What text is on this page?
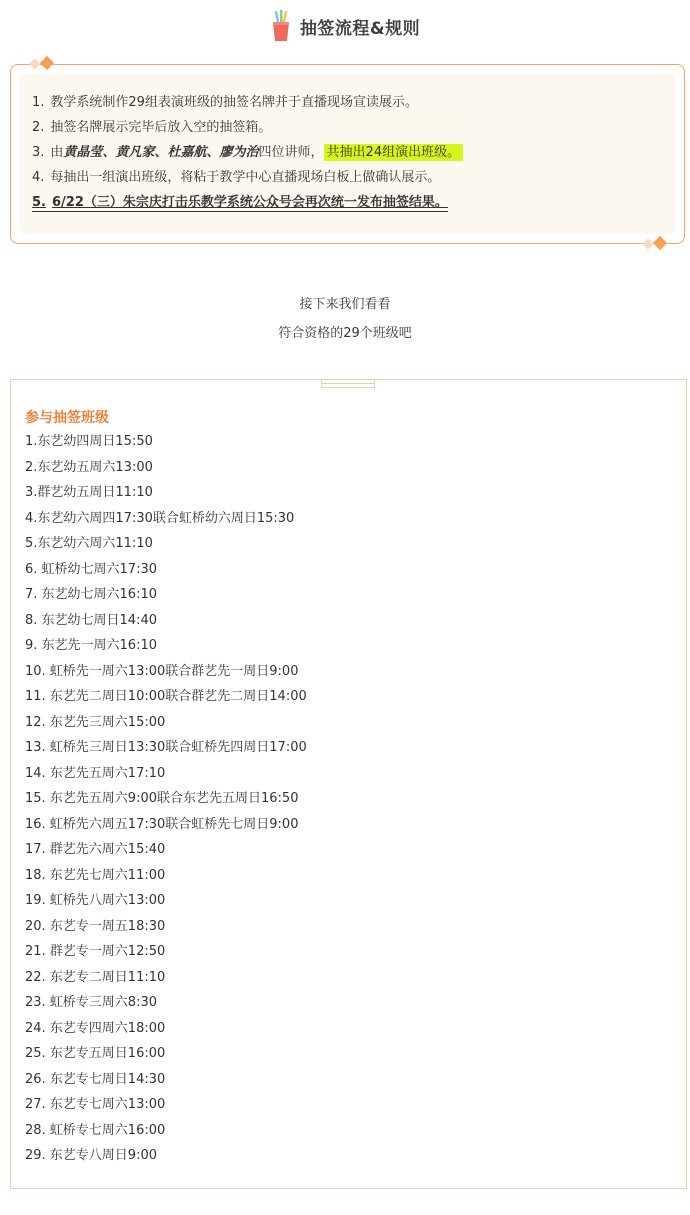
抽签流程&规则
1. 教学系统制作29组表演班级的抽签名牌并于直播现场宣读展示。
2. 抽签名牌展示完毕后放入空的抽签箱。
3. 由黄晶莹、黄凡家、杜嘉航、廖为治四位讲师， 共抽出24组演出班级。
4. 每抽出一组演出班级，将粘于教学中心直播现场白板上做确认展示。
5. 6/22（三）朱宗庆打击乐教学系统公众号会再次统一发布抽签结果。
接下来我们看看
符合资格的29个班级吧
参与抽签班级
1.东艺幼四周日15:50
2.东艺幼五周六13:00
3.群艺幼五周日11:10
4.东艺幼六周四17:30联合虹桥幼六周日15:30
5.东艺幼六周六11:10
6. 虹桥幼七周六17:30
7. 东艺幼七周六16:10
8. 东艺幼七周日14:40
9. 东艺先一周六16:10
10. 虹桥先一周六13:00联合群艺先一周日9:00
11. 东艺先二周日10:00联合群艺先二周日14:00
12. 东艺先三周六15:00
13. 虹桥先三周日13:30联合虹桥先四周日17:00
14. 东艺先五周六17:10
15. 东艺先五周六9:00联合东艺先五周日16:50
16. 虹桥先六周五17:30联合虹桥先七周日9:00
17. 群艺先六周六15:40
18. 东艺先七周六11:00
19. 虹桥先八周六13:00
20. 东艺专一周五18:30
21. 群艺专一周六12:50
22. 东艺专二周日11:10
23. 虹桥专三周六8:30
24. 东艺专四周六18:00
25. 东艺专五周日16:00
26. 东艺专七周日14:30
27. 东艺专七周六13:00
28. 虹桥专七周六16:00
29. 东艺专八周日9:00
